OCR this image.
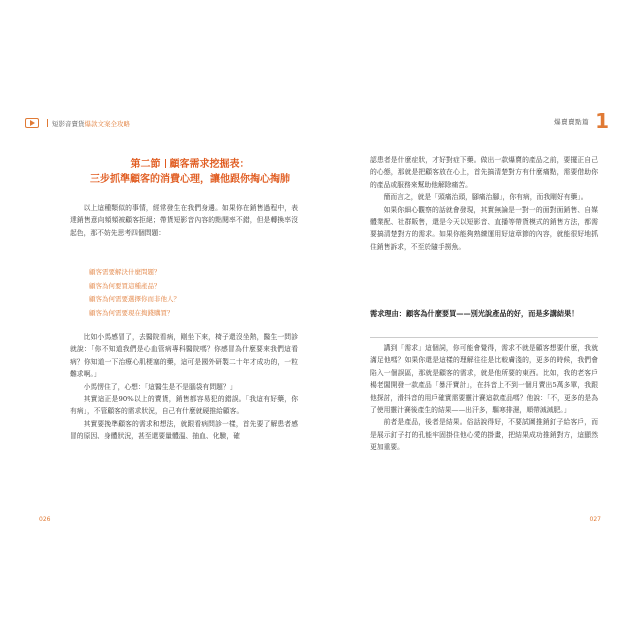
短影音賣貨 爆款文案全攻略
第二節 顧客需求挖掘表：
三步抓準顧客的消費心理，讓他跟你掏心掏肺

以上這種類似的事情，經常發生在我們身邊。如果你在銷售過程中，表達銷售意向頻頻被顧客拒絕；帶貨短影音內容的點閱率不錯，但是轉換率沒起色，那不妨先思考四個問題：

顧客需要解決什麼問題？
顧客為何要買這種產品？
顧客為何需要選擇你而非他人？
顧客為何需要現在掏錢購買？

比如小馬感冒了，去醫院看病，剛坐下來，椅子還沒坐熱，醫生一問診就說：「你不知道我們是心血管病專科醫院嗎？你感冒為什麼要來我們這看病？你知道一下治療心肌梗塞的藥，這可是國外研製二十年才成功的，一粒難求啊。」

小馬愣住了，心想：「這醫生是不是腦袋有問題？」

其實這正是90%以上的賣貨，銷售都容易犯的錯誤。「我這有好藥，你有病」，不管顧客的需求狀況，自己有什麼就硬推給顧客。

其實要挽準顧客的需求和想法，就跟看病問診一樣，首先要了解患者感冒的原因、身體狀況，甚至還要量體溫、抽血、化驗，確

026
爆賣賣點篇 1

認患者是什麼症狀，才好對症下藥。做出一款爆賣的產品之前，要擺正自己的心態，那就是把顧客放在心上，首先搞清楚對方有什麼痛點，需要借助你的產品或服務來幫助他解除痛苦。

簡而言之，就是「頭痛治頭，腳痛治腳」，你有病，而我剛好有藥」。

如果你細心觀察的話就會發現，其實無論是一對一的面對面銷售、自媒體業配、社群販售，還是今天以短影音、直播等帶貨模式的銷售方法，都需要搞清楚對方的需求。如果你能夠熟練運用好這章節的內容，就能很好地抓住銷售訴求，不至於隨手撈魚。

需求理由：顧客為什麼要買——別光說產品的好，而是多講結果！

講到「需求」這個詞，你可能會覺得，需求不就是顧客想要什麼，我就滿足他嗎？如果你還是這樣的理解往往是比較膚淺的，更多的時候，我們會陷入一個誤區，那就是顧客的需求，就是他所要的東西。比如，我的老客戶楊老闆開發一款產品「暴汗寶計」，在抖音上不到一個月賣出5萬多單，我跟他探討，滑抖音的用戶確實需要靈汁賽這款產品嗎？他說：「不，更多的是為了使用靈汁賽後產生的結果——出汗多，驅寒排濕，順帶減減肥。」

前者是產品，後者是結果。俗話說得好，不要試圖推銷釘子給客戶，而是展示釘子打的孔能牢固掛住他心愛的掛畫，把結果成功推銷對方，這顯然更加重要。

027
